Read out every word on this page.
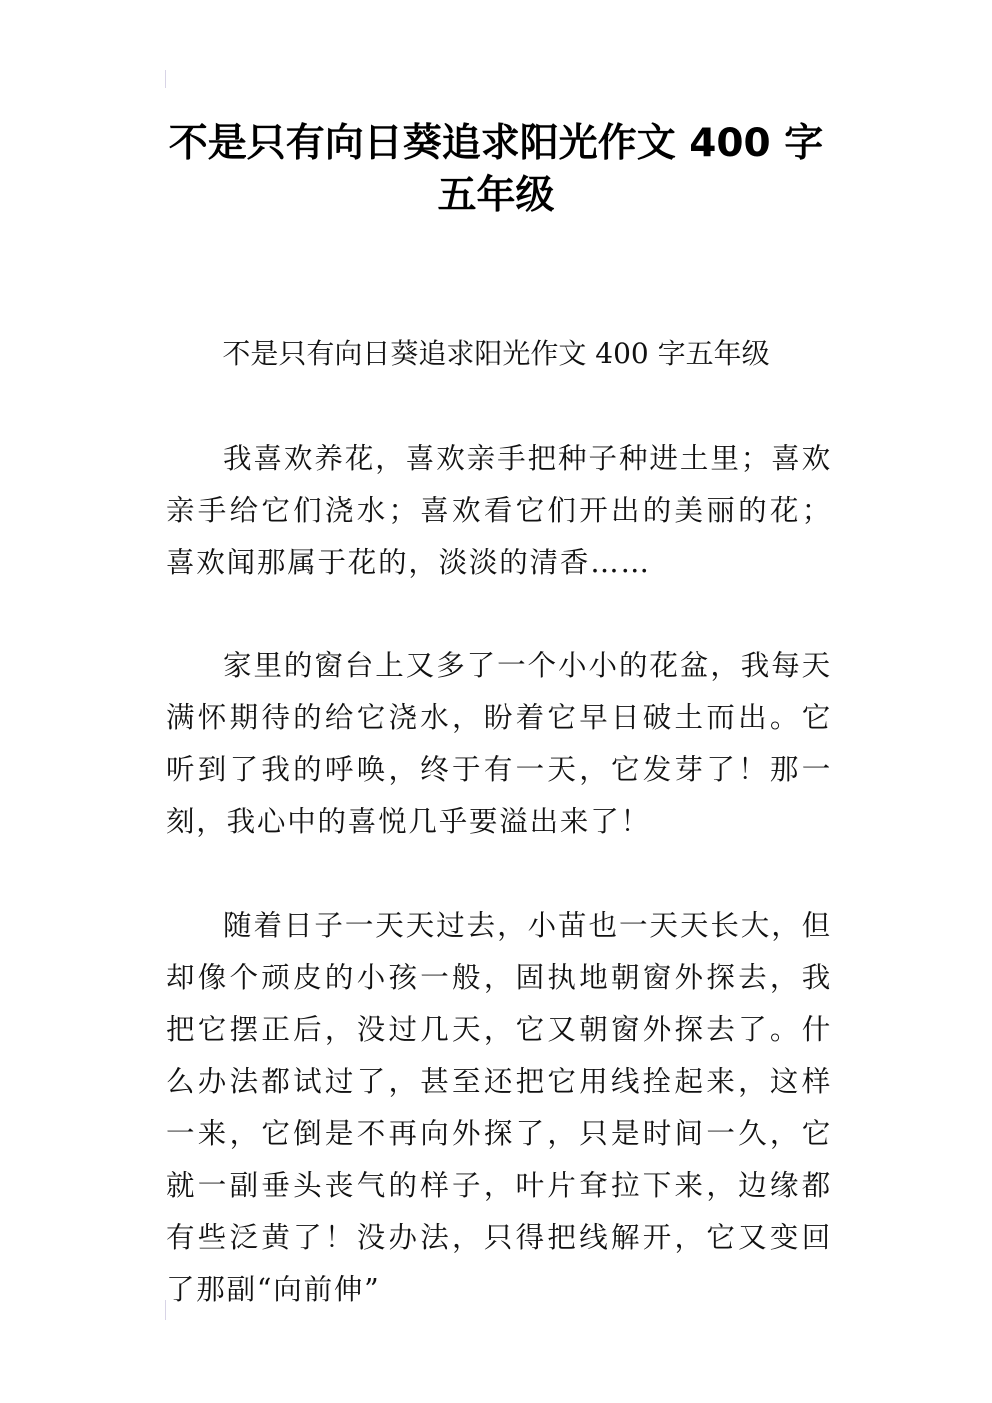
不是只有向日葵追求阳光作文 400 字五年级

不是只有向日葵追求阳光作文 400 字五年级

我喜欢养花，喜欢亲手把种子种进土里；喜欢亲手给它们浇水；喜欢看它们开出的美丽的花；喜欢闻那属于花的，淡淡的清香……

家里的窗台上又多了一个小小的花盆，我每天满怀期待的给它浇水，盼着它早日破土而出。它听到了我的呼唤，终于有一天，它发芽了！那一刻，我心中的喜悦几乎要溢出来了！

随着日子一天天过去，小苗也一天天长大，但却像个顽皮的小孩一般，固执地朝窗外探去，我把它摆正后，没过几天，它又朝窗外探去了。什么办法都试过了，甚至还把它用线拴起来，这样一来，它倒是不再向外探了，只是时间一久，它就一副垂头丧气的样子，叶片耷拉下来，边缘都有些泛黄了！没办法，只得把线解开，它又变回了那副“向前伸”
